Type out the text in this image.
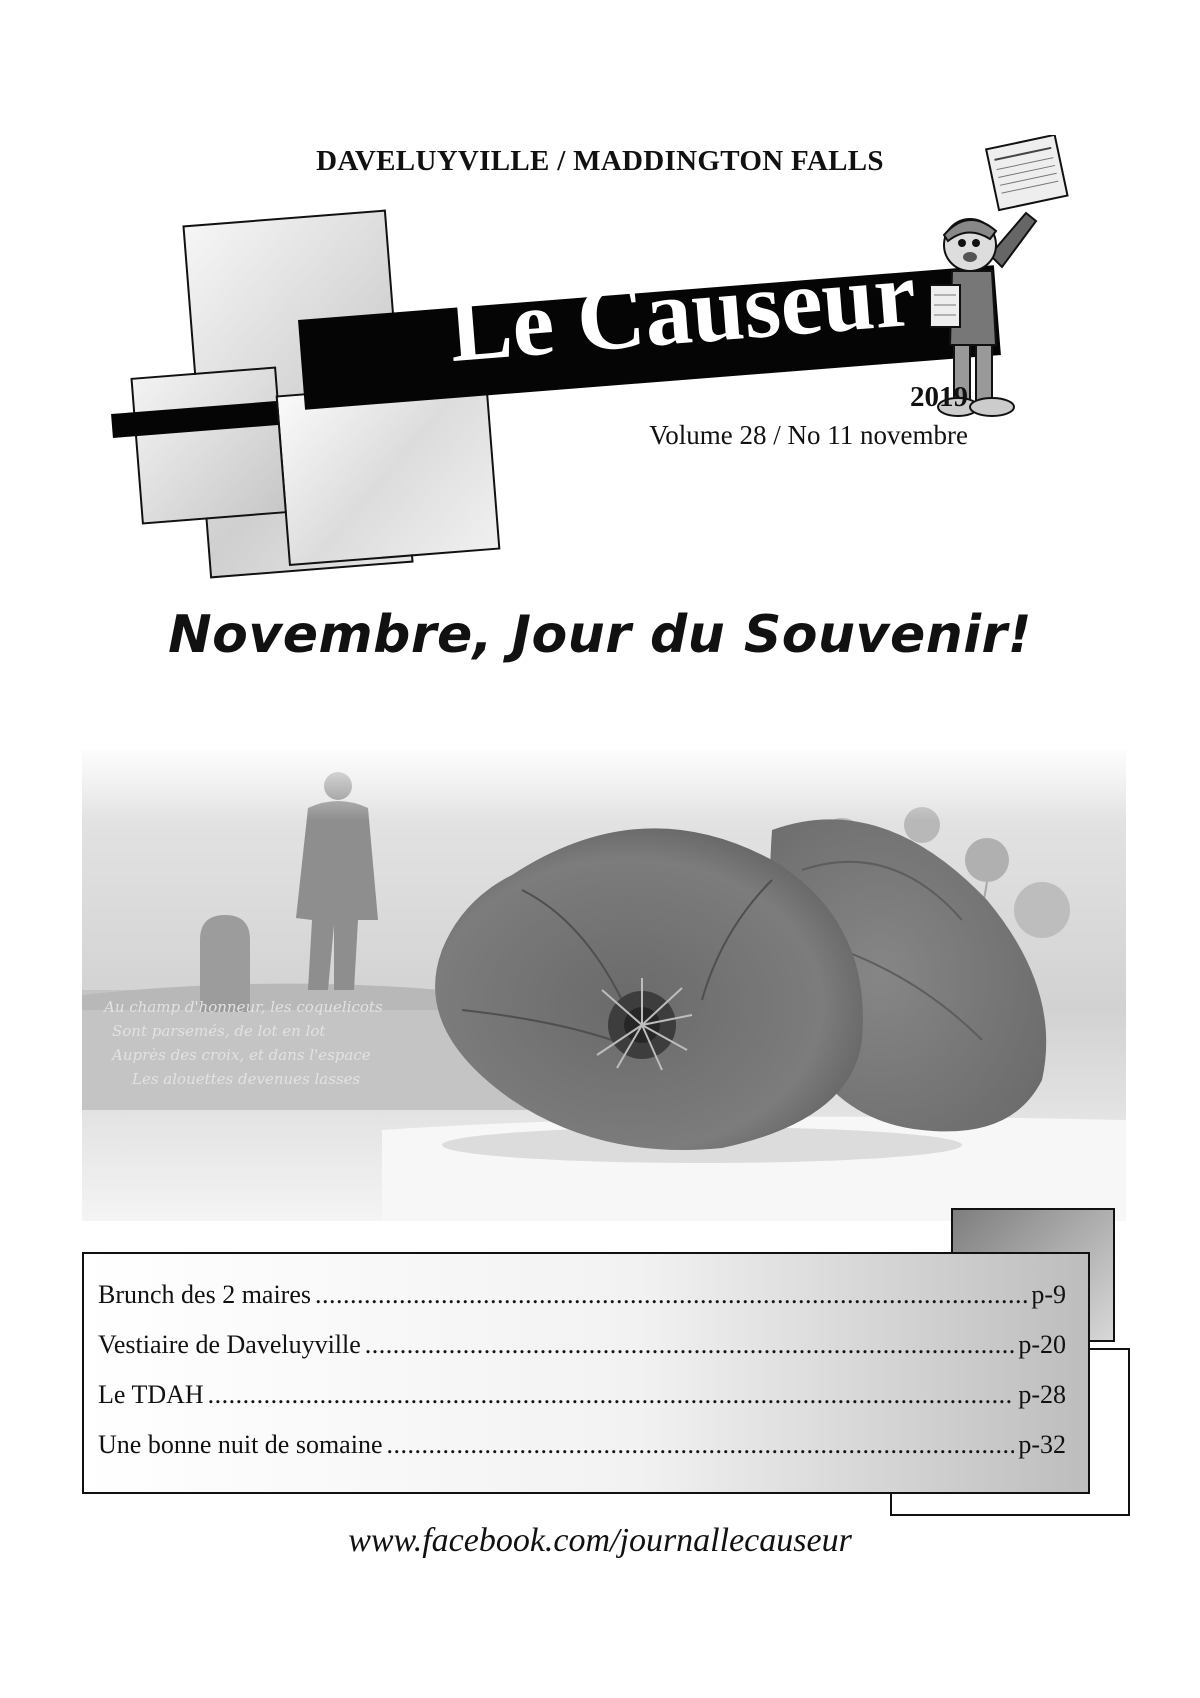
DAVELUYVILLE / MADDINGTON FALLS
Le Causeur
2019
Volume 28 / No 11 novembre
Novembre, Jour du Souvenir!
Brunch des 2 maires .....	p-9
Vestiaire de Daveluyville .....	p-20
Le TDAH .....	p-28
Une bonne nuit de somaine .....	p-32
www.facebook.com/journallecauseur
